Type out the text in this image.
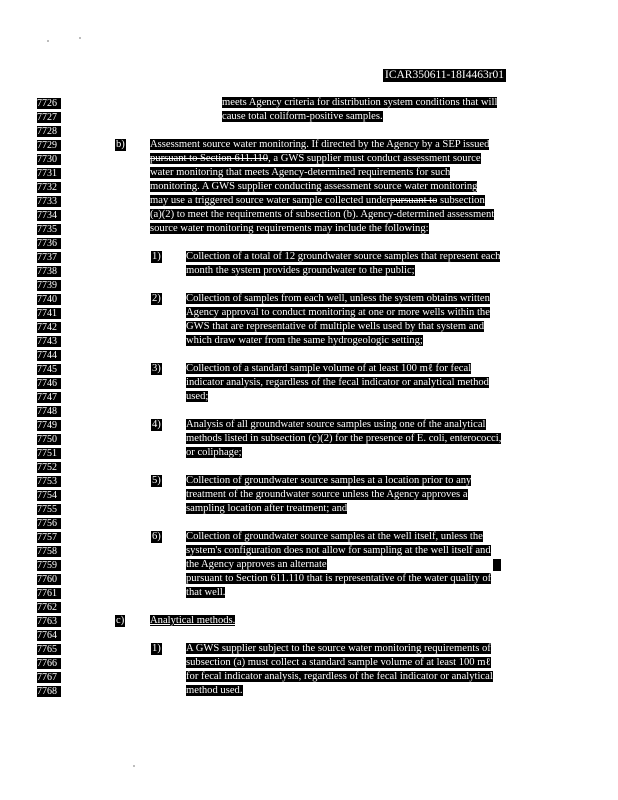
ICAR350611-18I4463r01
7726
7727
7728
7729
7730
7731
7732
7733
7734
7735
7736
7737
7738
7739
7740
7741
7742
7743
7744
7745
7746
7747
7748
7749
7750
7751
7752
7753
7754
7755
7756
7757
7758
7759
7760
7761
7762
7763
7764
7765
7766
7767
7768
meets Agency criteria for distribution system conditions that will
cause total coliform-positive samples.
b) Assessment source water monitoring. If directed by the Agency by a SEP issued
pursuant to Section 611.110, a GWS supplier must conduct assessment source
water monitoring that meets Agency-determined requirements for such
monitoring. A GWS supplier conducting assessment source water monitoring
may use a triggered source water sample collected underpursuant to subsection
(a)(2) to meet the requirements of subsection (b). Agency-determined assessment
source water monitoring requirements may include the following:
1) Collection of a total of 12 groundwater source samples that represent each
month the system provides groundwater to the public;
2) Collection of samples from each well, unless the system obtains written
Agency approval to conduct monitoring at one or more wells within the
GWS that are representative of multiple wells used by that system and
which draw water from the same hydrogeologic setting;
3) Collection of a standard sample volume of at least 100 mℓ for fecal
indicator analysis, regardless of the fecal indicator or analytical method
used;
4) Analysis of all groundwater source samples using one of the analytical
methods listed in subsection (c)(2) for the presence of E. coli, enterococci,
or coliphage;
5) Collection of groundwater source samples at a location prior to any
treatment of the groundwater source unless the Agency approves a
sampling location after treatment; and
6) Collection of groundwater source samples at the well itself, unless the
system's configuration does not allow for sampling at the well itself and
the Agency approves an alternate
pursuant to Section 611.110 that is representative of the water quality of
that well.
c) Analytical methods.
1) A GWS supplier subject to the source water monitoring requirements of
subsection (a) must collect a standard sample volume of at least 100 mℓ
for fecal indicator analysis, regardless of the fecal indicator or analytical
method used.
